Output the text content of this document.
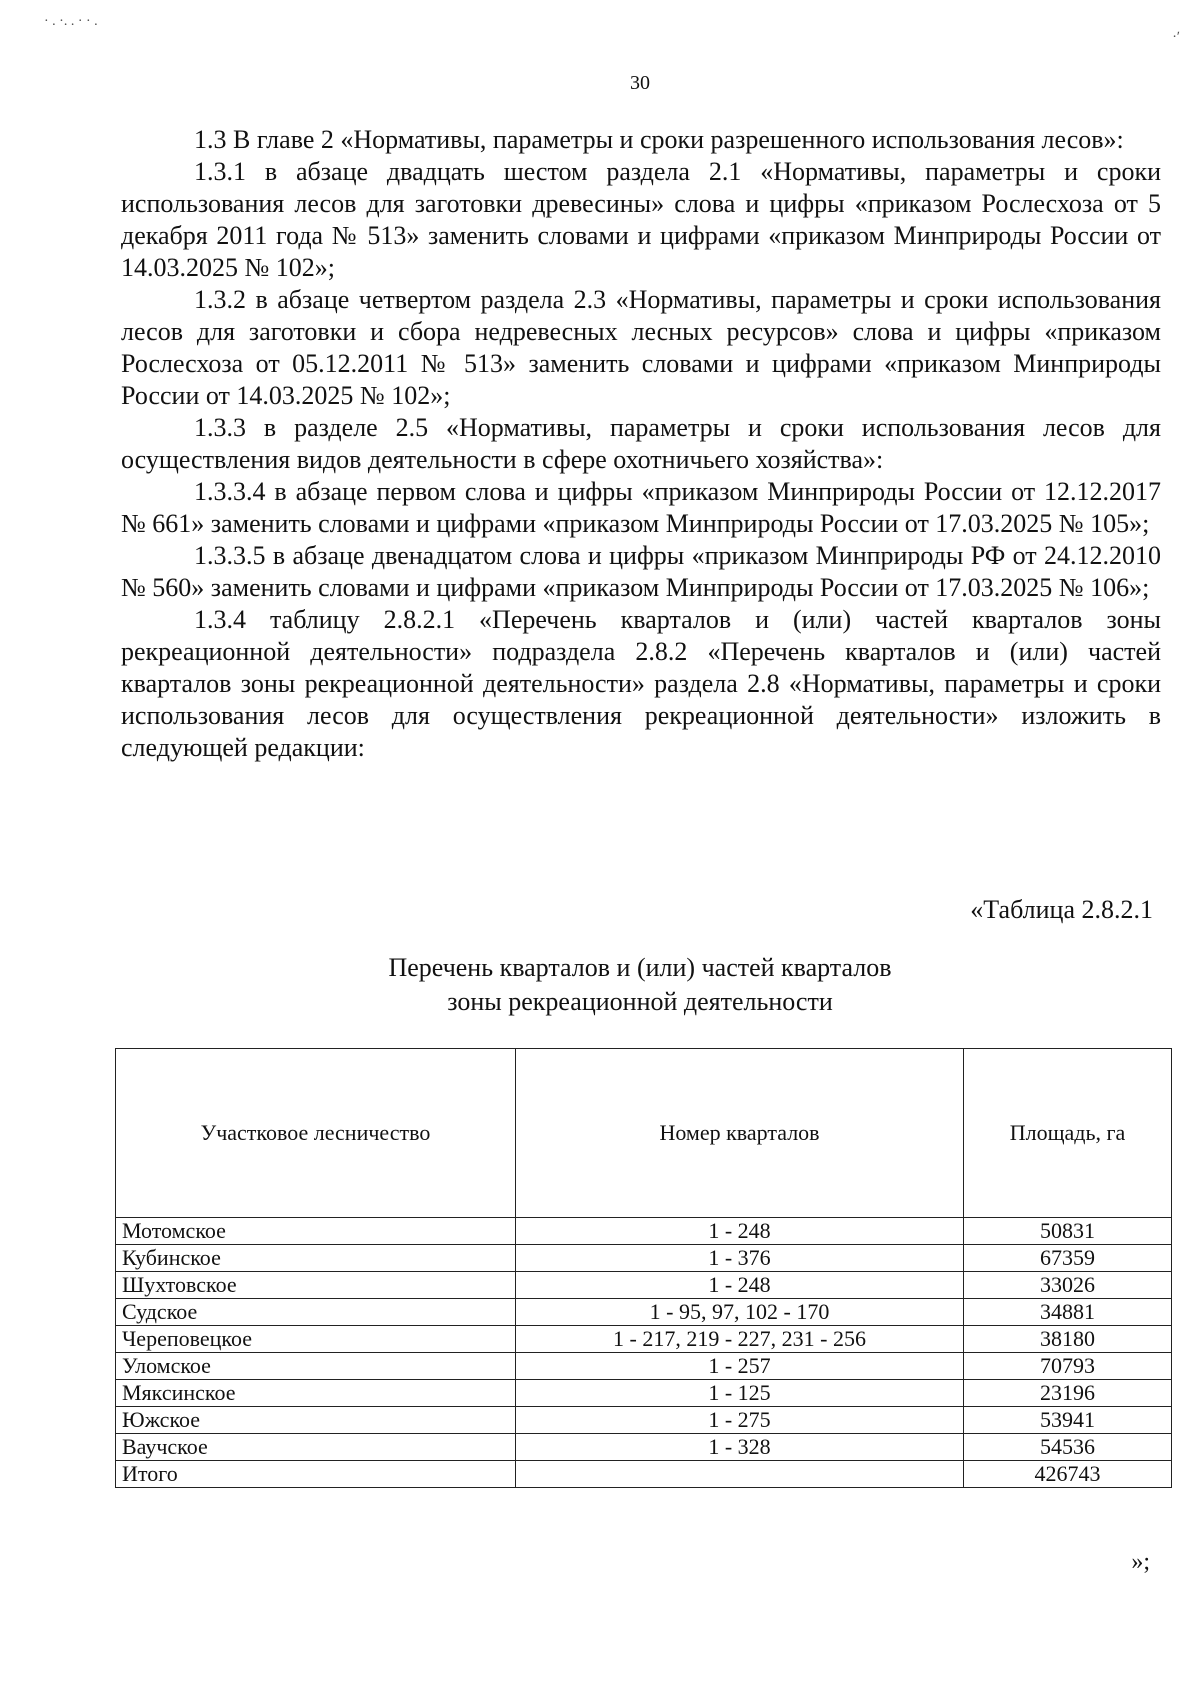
· . ·. . · · .
·ʹ
30

1.3 В главе 2 «Нормативы, параметры и сроки разрешенного использования лесов»:

1.3.1 в абзаце двадцать шестом раздела 2.1 «Нормативы, параметры и сроки использования лесов для заготовки древесины» слова и цифры «приказом Рослесхоза от 5 декабря 2011 года № 513» заменить словами и цифрами «приказом Минприроды России от 14.03.2025 № 102»;

1.3.2 в абзаце четвертом раздела 2.3 «Нормативы, параметры и сроки использования лесов для заготовки и сбора недревесных лесных ресурсов» слова и цифры «приказом Рослесхоза от 05.12.2011 № 513» заменить словами и цифрами «приказом Минприроды России от 14.03.2025 № 102»;

1.3.3 в разделе 2.5 «Нормативы, параметры и сроки использования лесов для осуществления видов деятельности в сфере охотничьего хозяйства»:

1.3.3.4 в абзаце первом слова и цифры «приказом Минприроды России от 12.12.2017 № 661» заменить словами и цифрами «приказом Минприроды России от 17.03.2025 № 105»;

1.3.3.5 в абзаце двенадцатом слова и цифры «приказом Минприроды РФ от 24.12.2010 № 560» заменить словами и цифрами «приказом Минприроды России от 17.03.2025 № 106»;

1.3.4 таблицу 2.8.2.1 «Перечень кварталов и (или) частей кварталов зоны рекреационной деятельности» подраздела 2.8.2 «Перечень кварталов и (или) частей кварталов зоны рекреационной деятельности» раздела 2.8 «Нормативы, параметры и сроки использования лесов для осуществления рекреационной деятельности» изложить в следующей редакции:

«Таблица 2.8.2.1
Перечень кварталов и (или) частей кварталов
зоны рекреационной деятельности
Участковое лесничество	Номер кварталов	Площадь, га
Мотомское	1 - 248	50831
Кубинское	1 - 376	67359
Шухтовское	1 - 248	33026
Судское	1 - 95, 97, 102 - 170	34881
Череповецкое	1 - 217, 219 - 227, 231 - 256	38180
Уломское	1 - 257	70793
Мяксинское	1 - 125	23196
Южское	1 - 275	53941
Ваучское	1 - 328	54536
Итого		426743
»;
